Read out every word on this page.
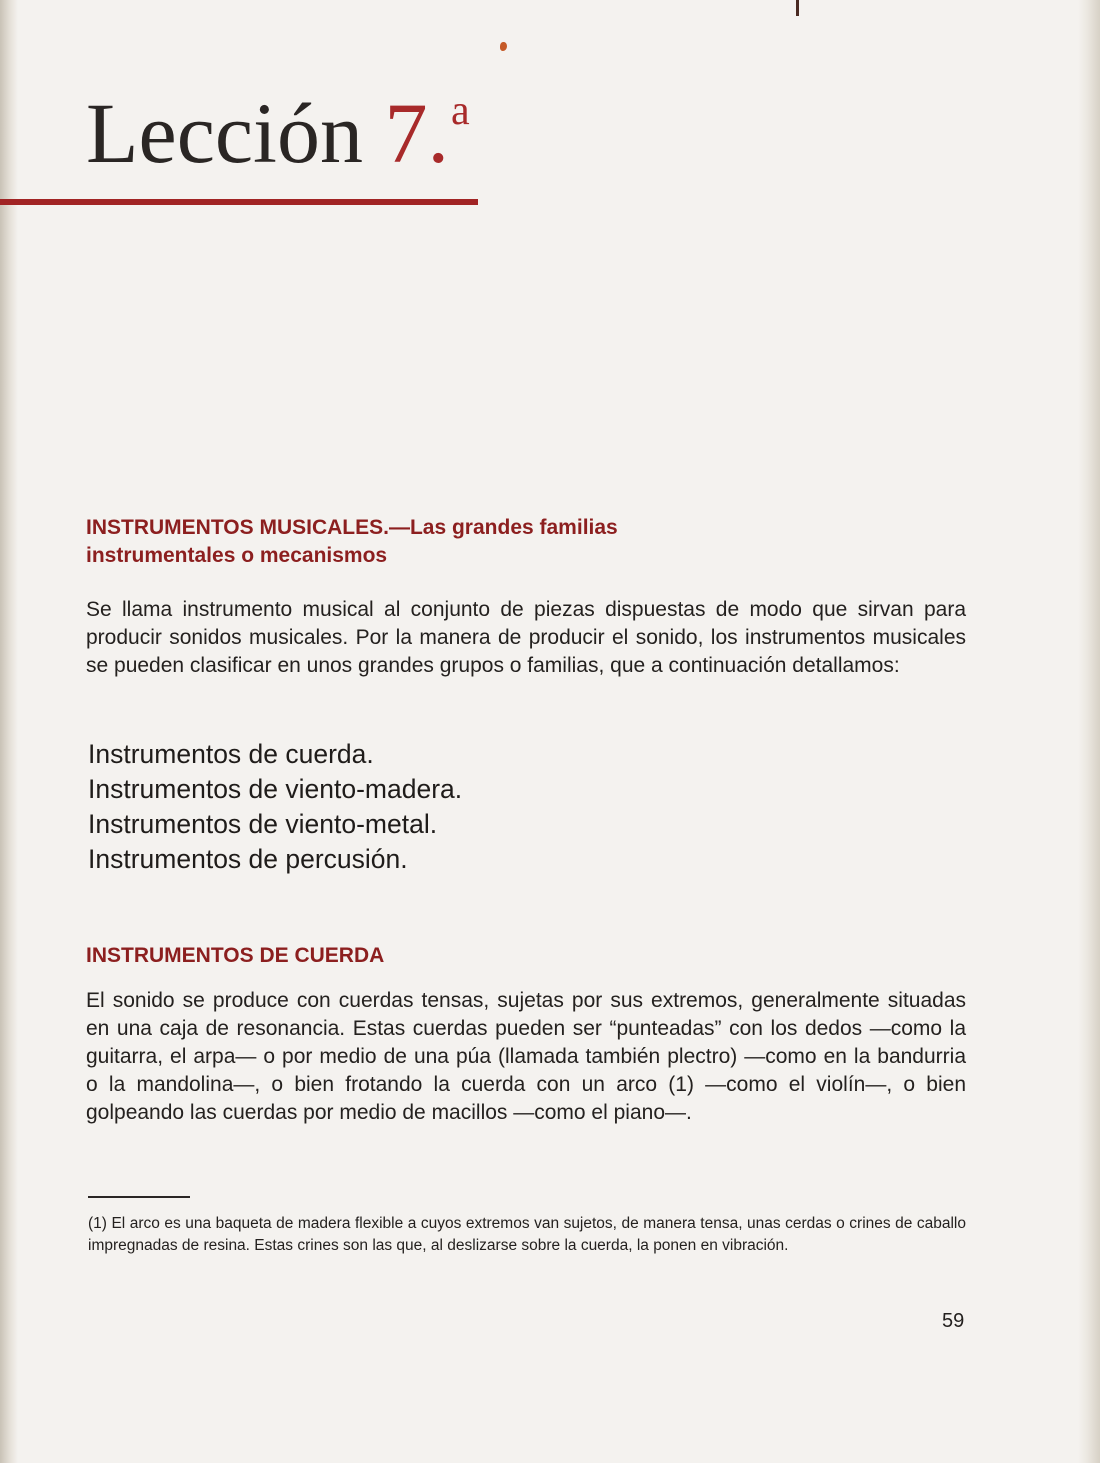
Lección 7.$^a$
INSTRUMENTOS MUSICALES.—Las grandes familias
instrumentales o mecanismos
Se llama instrumento musical al conjunto de piezas dispuestas de modo que sirvan para producir sonidos musicales. Por la manera de producir el sonido, los instrumentos musicales se pueden clasificar en unos grandes grupos o familias, que a continuación detallamos:
Instrumentos de cuerda.
Instrumentos de viento-madera.
Instrumentos de viento-metal.
Instrumentos de percusión.
INSTRUMENTOS DE CUERDA
El sonido se produce con cuerdas tensas, sujetas por sus extremos, generalmente situadas en una caja de resonancia. Estas cuerdas pueden ser “punteadas” con los dedos —como la guitarra, el arpa— o por medio de una púa (llamada también plectro) —como en la bandurria o la mandolina—, o bien frotando la cuerda con un arco (1) —como el violín—, o bien golpeando las cuerdas por medio de macillos —como el piano—.
(1) El arco es una baqueta de madera flexible a cuyos extremos van sujetos, de manera tensa, unas cerdas o crines de caballo impregnadas de resina. Estas crines son las que, al deslizarse sobre la cuerda, la ponen en vibración.
59
